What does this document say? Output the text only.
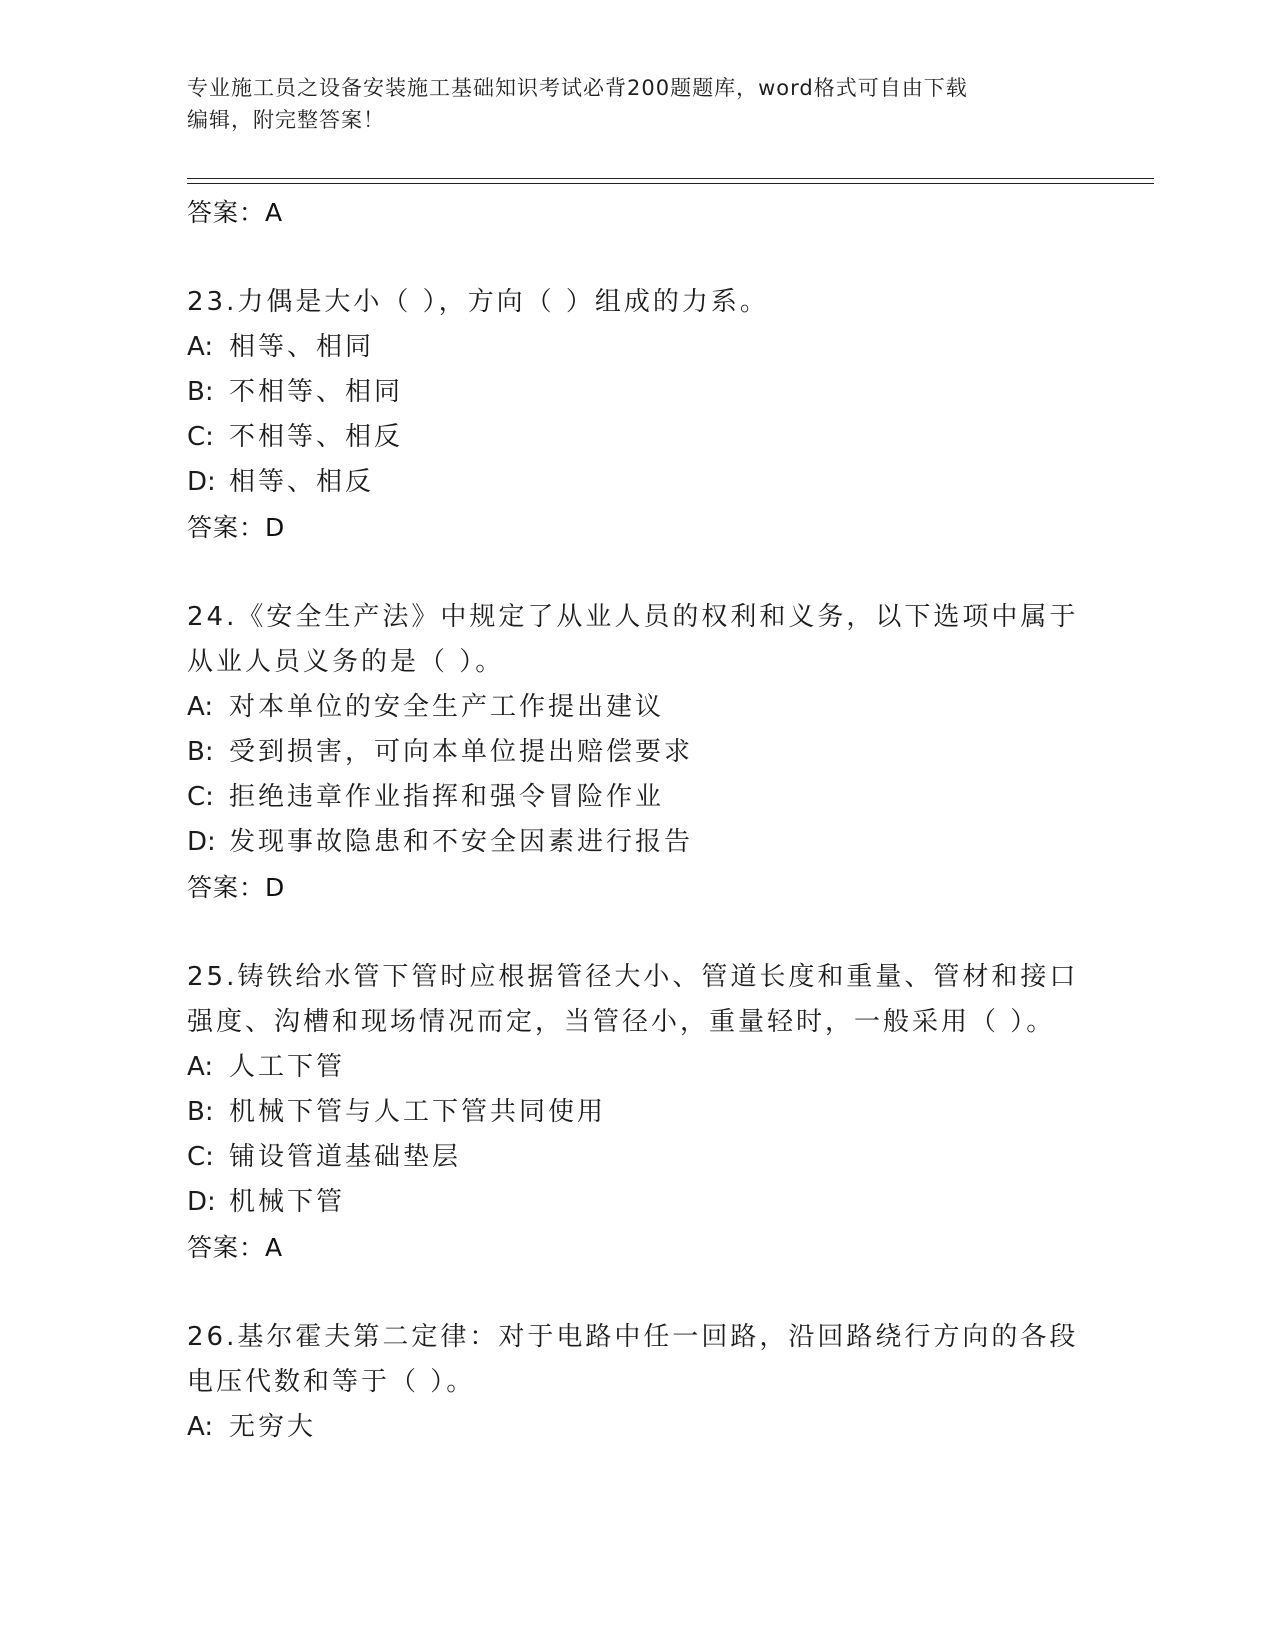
专业施工员之设备安装施工基础知识考试必背200题题库，word格式可自由下载
编辑，附完整答案！
答案：A
23.力偶是大小（ ），方向（ ）组成的力系。
A: 相等、相同
B: 不相等、相同
C: 不相等、相反
D: 相等、相反
答案：D
24.《安全生产法》中规定了从业人员的权利和义务，以下选项中属于
从业人员义务的是（ ）。
A: 对本单位的安全生产工作提出建议
B: 受到损害，可向本单位提出赔偿要求
C: 拒绝违章作业指挥和强令冒险作业
D: 发现事故隐患和不安全因素进行报告
答案：D
25.铸铁给水管下管时应根据管径大小、管道长度和重量、管材和接口
强度、沟槽和现场情况而定，当管径小，重量轻时，一般采用（ ）。
A: 人工下管
B: 机械下管与人工下管共同使用
C: 铺设管道基础垫层
D: 机械下管
答案：A
26.基尔霍夫第二定律：对于电路中任一回路，沿回路绕行方向的各段
电压代数和等于（ ）。
A: 无穷大
